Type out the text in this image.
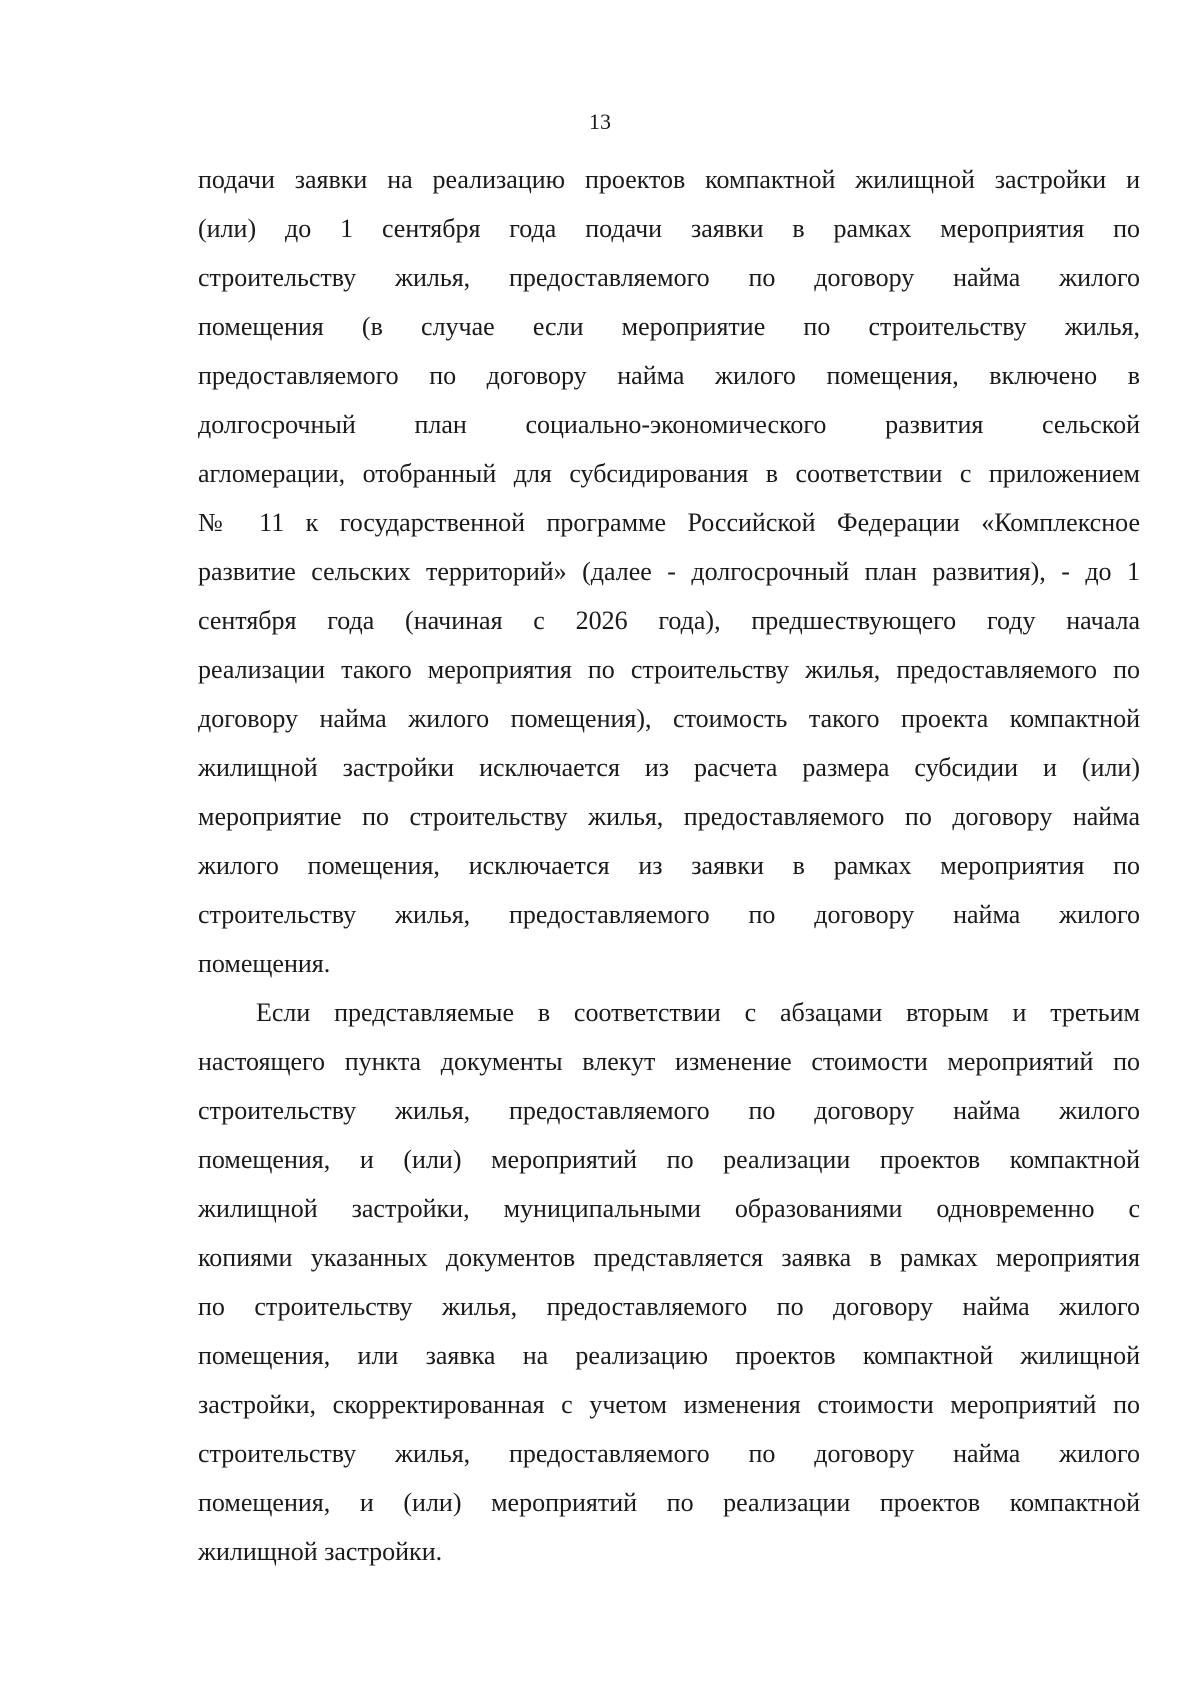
13
подачи заявки на реализацию проектов компактной жилищной застройки и
(или) до 1 сентября года подачи заявки в рамках мероприятия по
строительству жилья, предоставляемого по договору найма жилого
помещения (в случае если мероприятие по строительству жилья,
предоставляемого по договору найма жилого помещения, включено в
долгосрочный план социально-экономического развития сельской
агломерации, отобранный для субсидирования в соответствии с приложением
№ 11 к государственной программе Российской Федерации «Комплексное
развитие сельских территорий» (далее - долгосрочный план развития), - до 1
сентября года (начиная с 2026 года), предшествующего году начала
реализации такого мероприятия по строительству жилья, предоставляемого по
договору найма жилого помещения), стоимость такого проекта компактной
жилищной застройки исключается из расчета размера субсидии и (или)
мероприятие по строительству жилья, предоставляемого по договору найма
жилого помещения, исключается из заявки в рамках мероприятия по
строительству жилья, предоставляемого по договору найма жилого
помещения.
Если представляемые в соответствии с абзацами вторым и третьим
настоящего пункта документы влекут изменение стоимости мероприятий по
строительству жилья, предоставляемого по договору найма жилого
помещения, и (или) мероприятий по реализации проектов компактной
жилищной застройки, муниципальными образованиями одновременно с
копиями указанных документов представляется заявка в рамках мероприятия
по строительству жилья, предоставляемого по договору найма жилого
помещения, или заявка на реализацию проектов компактной жилищной
застройки, скорректированная с учетом изменения стоимости мероприятий по
строительству жилья, предоставляемого по договору найма жилого
помещения, и (или) мероприятий по реализации проектов компактной
жилищной застройки.
